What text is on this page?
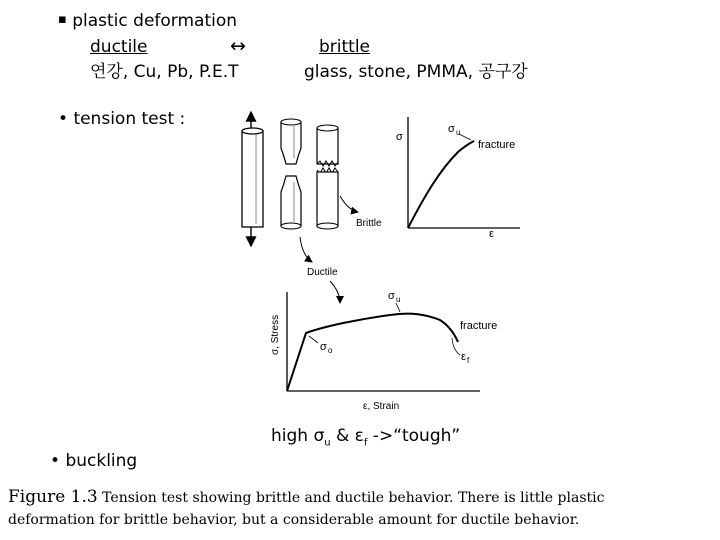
▪ plastic deformation
ductile	↔	brittle
연강, Cu, Pb, P.E.T	glass, stone, PMMA, 공구강
• tension test :
σ
ε
σ u
fracture
Brittle
Ductile
σ, Stress
ε, Strain
σ u
σ o
fracture
ε f
high $\sigma_u$ & $\varepsilon_f$ ->“tough”
• buckling
Figure 1.3 Tension test showing brittle and ductile behavior. There is little plastic
deformation for brittle behavior, but a considerable amount for ductile behavior.
